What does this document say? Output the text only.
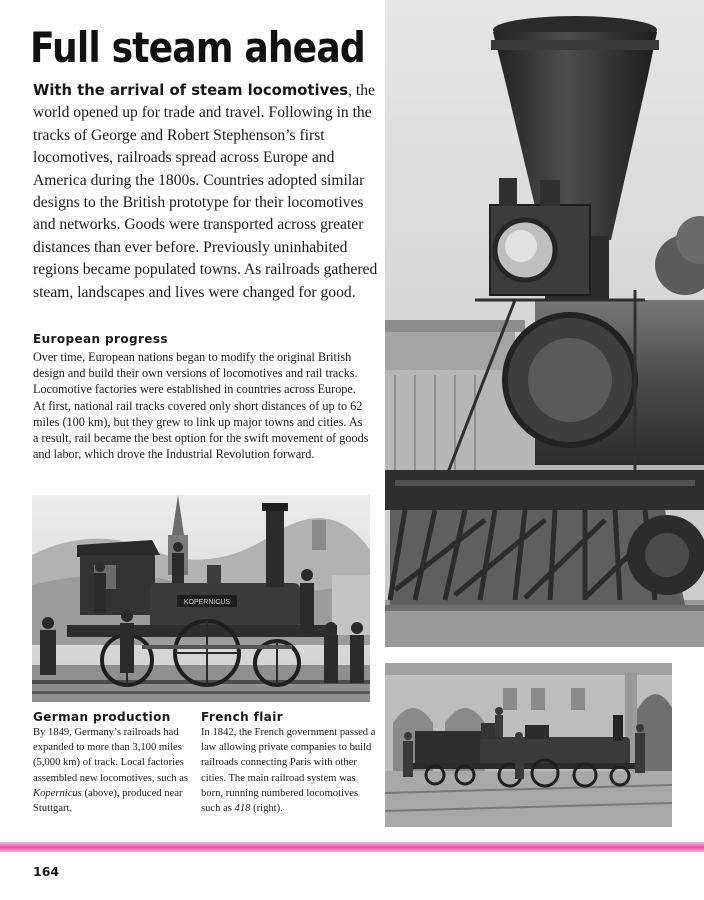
Full steam ahead
With the arrival of steam locomotives, the world opened up for trade and travel. Following in the tracks of George and Robert Stephenson’s first locomotives, railroads spread across Europe and America during the 1800s. Countries adopted similar designs to the British prototype for their locomotives and networks. Goods were transported across greater distances than ever before. Previously uninhabited regions became populated towns. As railroads gathered steam, landscapes and lives were changed for good.
European progress

Over time, European nations began to modify the original British design and build their own versions of locomotives and rail tracks. Locomotive factories were established in countries across Europe. At first, national rail tracks covered only short distances of up to 62 miles (100 km), but they grew to link up major towns and cities. As a result, rail became the best option for the swift movement of goods and labor, which drove the Industrial Revolution forward.

KOPERNICUS
German production

By 1849, Germany’s railroads had expanded to more than 3,100 miles (5,000 km) of track. Local factories assembled new locomotives, such as Kopernicus (above), produced near Stuttgart.

French flair

In 1842, the French government passed a law allowing private companies to build railroads connecting Paris with other cities. The main railroad system was born, running numbered locomotives such as 418 (right).

164
